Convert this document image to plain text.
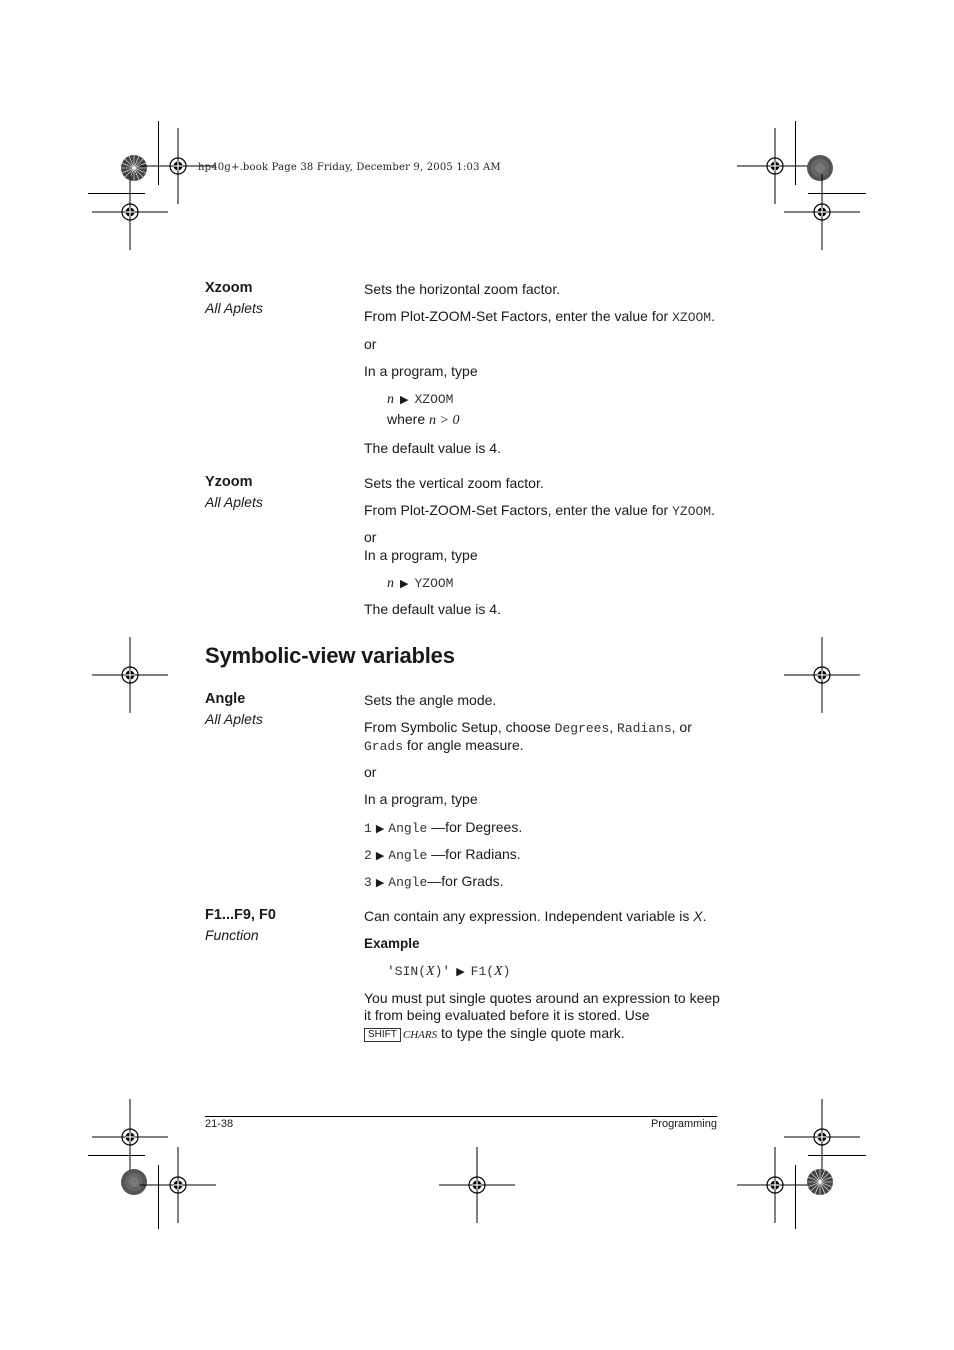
hp40g+.book Page 38 Friday, December 9, 2005 1:03 AM
Xzoom
All Aplets
Sets the horizontal zoom factor.
From Plot-ZOOM-Set Factors, enter the value for XZOOM.
or
In a program, type
n ▶ XZOOM
where n > 0
The default value is 4.
Yzoom
All Aplets
Sets the vertical zoom factor.
From Plot-ZOOM-Set Factors, enter the value for YZOOM.
or
In a program, type
n ▶ YZOOM
The default value is 4.
Symbolic-view variables
Angle
All Aplets
Sets the angle mode.
From Symbolic Setup, choose Degrees, Radians, or
Grads for angle measure.
or
In a program, type
1 ▶ Angle —for Degrees.
2 ▶ Angle —for Radians.
3 ▶ Angle—for Grads.
F1...F9, F0
Function
Can contain any expression. Independent variable is X.
Example
'SIN(X)' ▶ F1(X)
You must put single quotes around an expression to keep
it from being evaluated before it is stored. Use
SHIFT CHARS to type the single quote mark.
21-38	Programming
